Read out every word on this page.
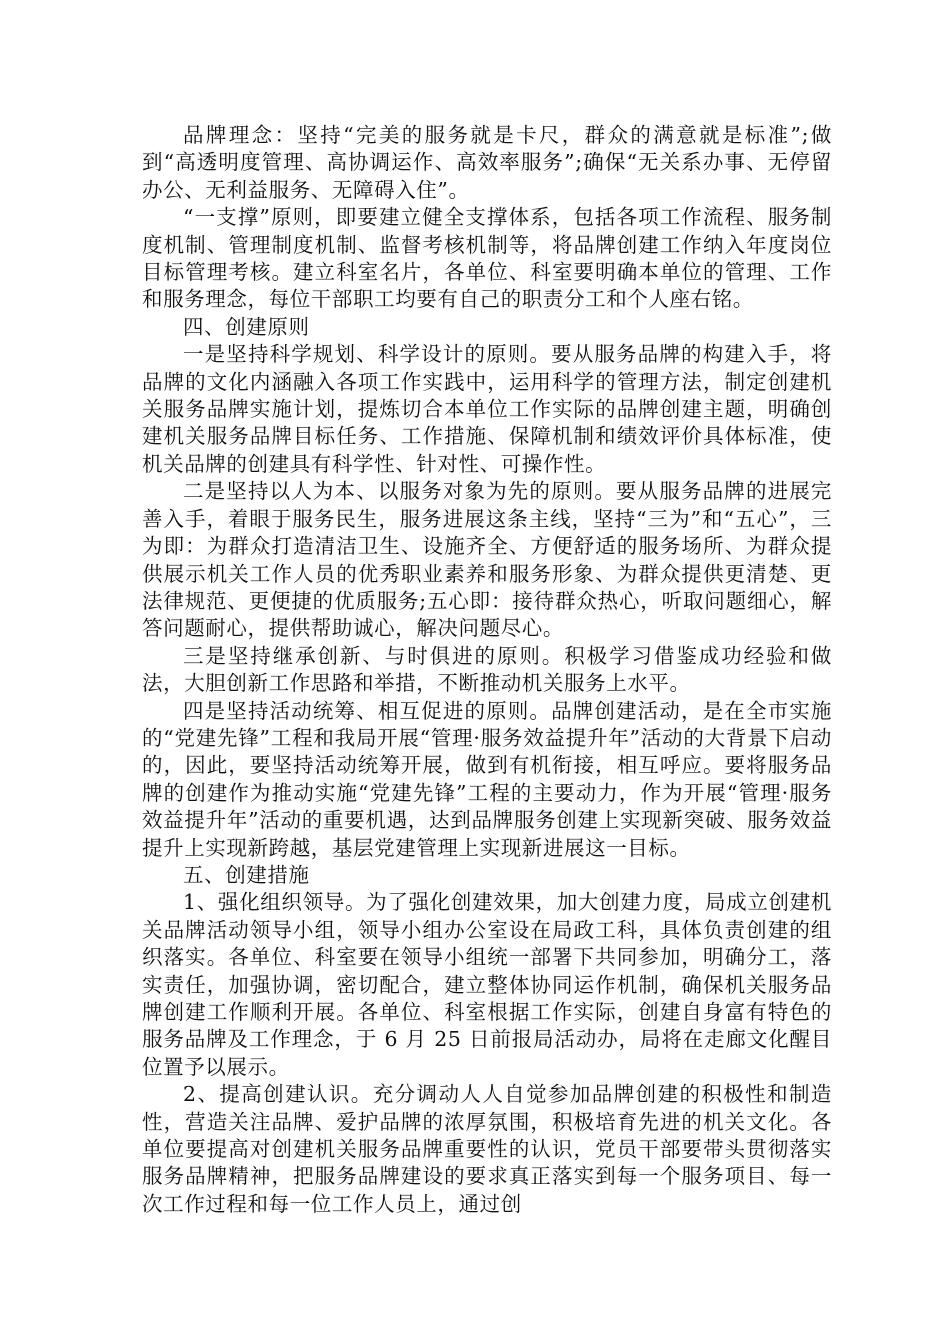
品牌理念：坚持“完美的服务就是卡尺，群众的满意就是标准”;做到“高透明度管理、高协调运作、高效率服务”;确保“无关系办事、无停留办公、无利益服务、无障碍入住”。

“一支撑”原则，即要建立健全支撑体系，包括各项工作流程、服务制度机制、管理制度机制、监督考核机制等，将品牌创建工作纳入年度岗位目标管理考核。建立科室名片，各单位、科室要明确本单位的管理、工作和服务理念，每位干部职工均要有自己的职责分工和个人座右铭。

四、创建原则

一是坚持科学规划、科学设计的原则。要从服务品牌的构建入手，将品牌的文化内涵融入各项工作实践中，运用科学的管理方法，制定创建机关服务品牌实施计划，提炼切合本单位工作实际的品牌创建主题，明确创建机关服务品牌目标任务、工作措施、保障机制和绩效评价具体标准，使机关品牌的创建具有科学性、针对性、可操作性。

二是坚持以人为本、以服务对象为先的原则。要从服务品牌的进展完善入手，着眼于服务民生，服务进展这条主线，坚持“三为”和“五心”，三为即：为群众打造清洁卫生、设施齐全、方便舒适的服务场所、为群众提供展示机关工作人员的优秀职业素养和服务形象、为群众提供更清楚、更法律规范、更便捷的优质服务;五心即：接待群众热心，听取问题细心，解答问题耐心，提供帮助诚心，解决问题尽心。

三是坚持继承创新、与时俱进的原则。积极学习借鉴成功经验和做法，大胆创新工作思路和举措，不断推动机关服务上水平。

四是坚持活动统筹、相互促进的原则。品牌创建活动，是在全市实施的“党建先锋”工程和我局开展“管理·服务效益提升年”活动的大背景下启动的，因此，要坚持活动统筹开展，做到有机衔接，相互呼应。要将服务品牌的创建作为推动实施“党建先锋”工程的主要动力，作为开展“管理·服务效益提升年”活动的重要机遇，达到品牌服务创建上实现新突破、服务效益提升上实现新跨越，基层党建管理上实现新进展这一目标。

五、创建措施

1、强化组织领导。为了强化创建效果，加大创建力度，局成立创建机关品牌活动领导小组，领导小组办公室设在局政工科，具体负责创建的组织落实。各单位、科室要在领导小组统一部署下共同参加，明确分工，落实责任，加强协调，密切配合，建立整体协同运作机制，确保机关服务品牌创建工作顺利开展。各单位、科室根据工作实际，创建自身富有特色的服务品牌及工作理念，于 6 月 25 日前报局活动办，局将在走廊文化醒目位置予以展示。

2、提高创建认识。充分调动人人自觉参加品牌创建的积极性和制造性，营造关注品牌、爱护品牌的浓厚氛围，积极培育先进的机关文化。各单位要提高对创建机关服务品牌重要性的认识，党员干部要带头贯彻落实服务品牌精神，把服务品牌建设的要求真正落实到每一个服务项目、每一次工作过程和每一位工作人员上，通过创
